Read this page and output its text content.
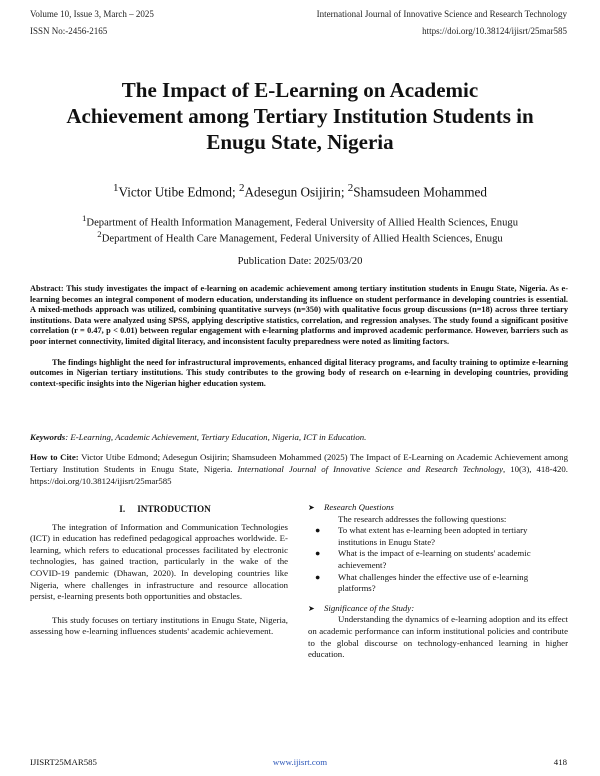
Volume 10, Issue 3, March – 2025	International Journal of Innovative Science and Research Technology
ISSN No:-2456-2165	https://doi.org/10.38124/ijisrt/25mar585
The Impact of E-Learning on Academic
Achievement among Tertiary Institution Students in
Enugu State, Nigeria
$^1$Victor Utibe Edmond; $^2$Adesegun Osijirin; $^2$Shamsudeen Mohammed
$^1$Department of Health Information Management, Federal University of Allied Health Sciences, Enugu
$^2$Department of Health Care Management, Federal University of Allied Health Sciences, Enugu
Publication Date: 2025/03/20

Abstract: This study investigates the impact of e-learning on academic achievement among tertiary institution students in Enugu State, Nigeria. As e-learning becomes an integral component of modern education, understanding its influence on student performance in developing countries is essential. A mixed-methods approach was utilized, combining quantitative surveys (n=350) with qualitative focus group discussions (n=18) across three tertiary institutions. Data were analyzed using SPSS, applying descriptive statistics, correlation, and regression analyses. The study found a significant positive correlation (r = 0.47, p < 0.01) between regular engagement with e-learning platforms and improved academic performance. However, barriers such as poor internet connectivity, limited digital literacy, and inconsistent faculty preparedness were noted as limiting factors.

The findings highlight the need for infrastructural improvements, enhanced digital literacy programs, and faculty training to optimize e-learning outcomes in Nigerian tertiary institutions. This study contributes to the growing body of research on e-learning in developing countries, providing context-specific insights into the Nigerian higher education system.

Keywords: E-Learning, Academic Achievement, Tertiary Education, Nigeria, ICT in Education.
How to Cite: Victor Utibe Edmond; Adesegun Osijirin; Shamsudeen Mohammed (2025) The Impact of E-Learning on Academic Achievement among Tertiary Institution Students in Enugu State, Nigeria. International Journal of Innovative Science and Research Technology, 10(3), 418-420. https://doi.org/10.38124/ijisrt/25mar585
I. INTRODUCTION

The integration of Information and Communication Technologies (ICT) in education has redefined pedagogical approaches worldwide. E-learning, which refers to educational processes facilitated by electronic technologies, has gained traction, particularly in the wake of the COVID-19 pandemic (Dhawan, 2020). In developing countries like Nigeria, where challenges in infrastructure and resource allocation persist, e-learning presents both opportunities and obstacles.

This study focuses on tertiary institutions in Enugu State, Nigeria, assessing how e-learning influences students' academic achievement.

➤	Research Questions
The research addresses the following questions:
● To what extent has e-learning been adopted in tertiary institutions in Enugu State?
● What is the impact of e-learning on students' academic achievement?
● What challenges hinder the effective use of e-learning platforms?
➤	Significance of the Study:

Understanding the dynamics of e-learning adoption and its effect on academic performance can inform institutional policies and contribute to the global discourse on technology-enhanced learning in higher education.

IJISRT25MAR585	www.ijisrt.com	418
